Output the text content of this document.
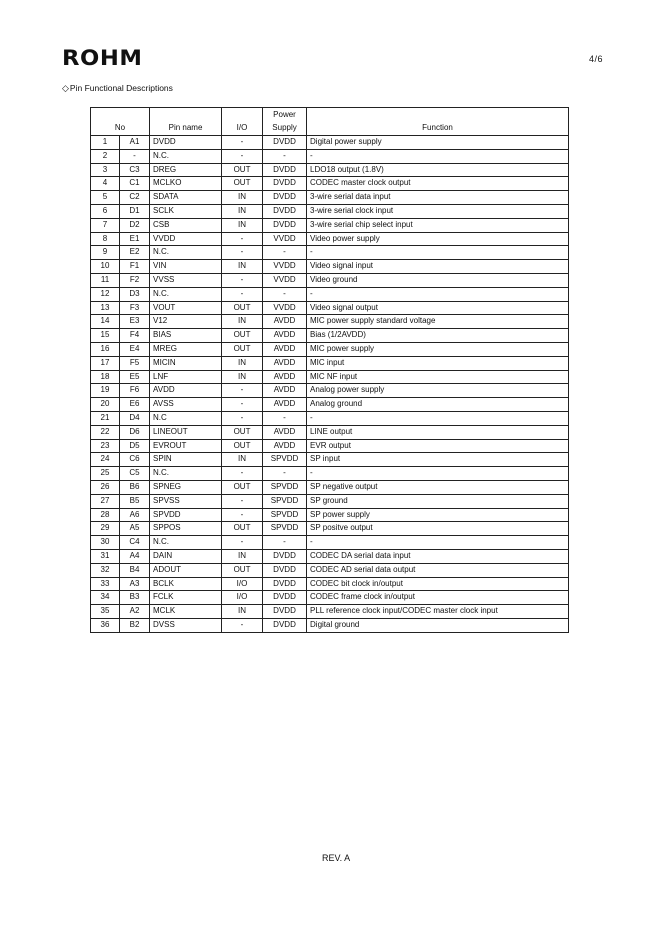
ROHM	4/6
◇Pin Functional Descriptions
No		Pin name	I/O	Power	Function
				Supply	
1	A1	DVDD	-	DVDD	Digital power supply
2	-	N.C.	-	-	-
3	C3	DREG	OUT	DVDD	LDO18 output (1.8V)
4	C1	MCLKO	OUT	DVDD	CODEC master clock output
5	C2	SDATA	IN	DVDD	3-wire serial data input
6	D1	SCLK	IN	DVDD	3-wire serial clock input
7	D2	CSB	IN	DVDD	3-wire serial chip select input
8	E1	VVDD	-	VVDD	Video power supply
9	E2	N.C.	-	-	-
10	F1	VIN	IN	VVDD	Video signal input
11	F2	VVSS	-	VVDD	Video ground
12	D3	N.C.	-	-	-
13	F3	VOUT	OUT	VVDD	Video signal output
14	E3	V12	IN	AVDD	MIC power supply standard voltage
15	F4	BIAS	OUT	AVDD	Bias (1/2AVDD)
16	E4	MREG	OUT	AVDD	MIC power supply
17	F5	MICIN	IN	AVDD	MIC input
18	E5	LNF	IN	AVDD	MIC NF input
19	F6	AVDD	-	AVDD	Analog power supply
20	E6	AVSS	-	AVDD	Analog ground
21	D4	N.C	-	-	-
22	D6	LINEOUT	OUT	AVDD	LINE output
23	D5	EVROUT	OUT	AVDD	EVR output
24	C6	SPIN	IN	SPVDD	SP input
25	C5	N.C.	-	-	-
26	B6	SPNEG	OUT	SPVDD	SP negative output
27	B5	SPVSS	-	SPVDD	SP ground
28	A6	SPVDD	-	SPVDD	SP power supply
29	A5	SPPOS	OUT	SPVDD	SP positve output
30	C4	N.C.	-	-	-
31	A4	DAIN	IN	DVDD	CODEC DA serial data input
32	B4	ADOUT	OUT	DVDD	CODEC AD serial data output
33	A3	BCLK	I/O	DVDD	CODEC bit clock in/output
34	B3	FCLK	I/O	DVDD	CODEC frame clock in/output
35	A2	MCLK	IN	DVDD	PLL reference clock input/CODEC master clock input
36	B2	DVSS	-	DVDD	Digital ground
REV. A
